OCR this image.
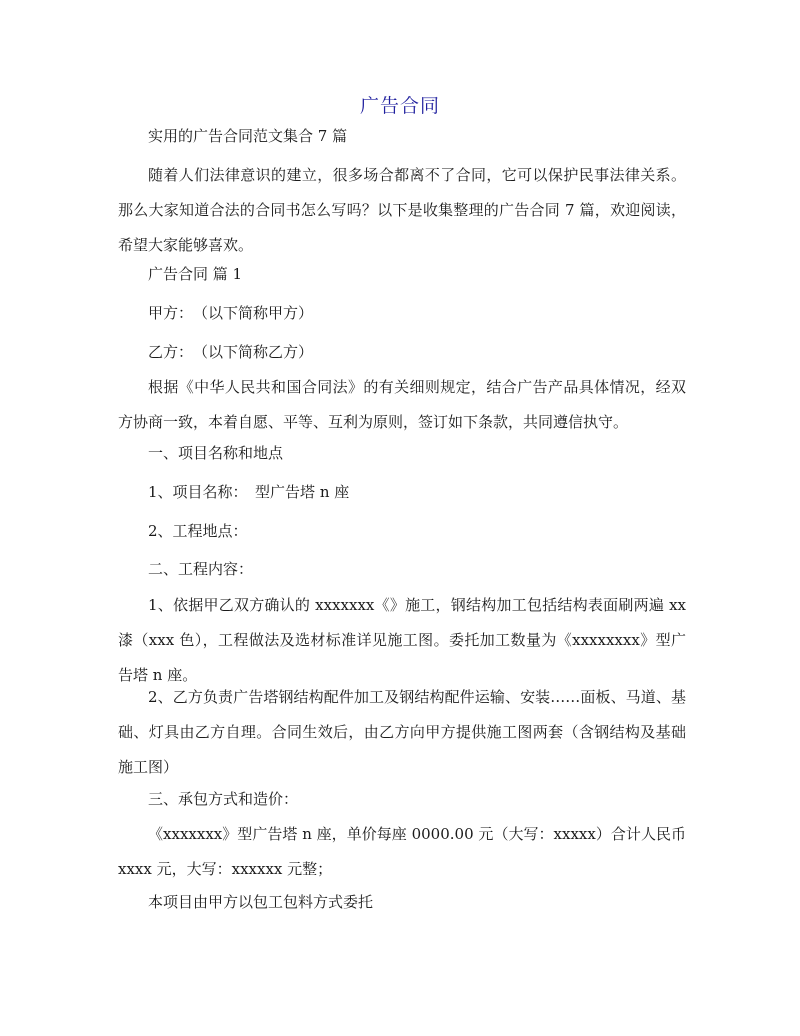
广告合同
实用的广告合同范文集合 7 篇
随着人们法律意识的建立，很多场合都离不了合同，它可以保护民事法律关系。那么大家知道合法的合同书怎么写吗？以下是收集整理的广告合同 7 篇，欢迎阅读，希望大家能够喜欢。
广告合同 篇 1
甲方：　（以下简称甲方）
乙方：　（以下简称乙方）
根据《中华人民共和国合同法》的有关细则规定，结合广告产品具体情况，经双方协商一致，本着自愿、平等、互利为原则，签订如下条款，共同遵信执守。
一、项目名称和地点
1、项目名称：　型广告塔 n 座
2、工程地点：
二、工程内容：
1、依据甲乙双方确认的 xxxxxxx《》施工，钢结构加工包括结构表面刷两遍 xx 漆（xxx 色），工程做法及选材标准详见施工图。委托加工数量为《xxxxxxxx》型广告塔 n 座。
2、乙方负责广告塔钢结构配件加工及钢结构配件运输、安装……面板、马道、基础、灯具由乙方自理。合同生效后，由乙方向甲方提供施工图两套（含钢结构及基础施工图）
三、承包方式和造价：
《xxxxxxx》型广告塔 n 座，单价每座 0000.00 元（大写：xxxxx）合计人民币 xxxx 元，大写：xxxxxx 元整；
本项目由甲方以包工包料方式委托
